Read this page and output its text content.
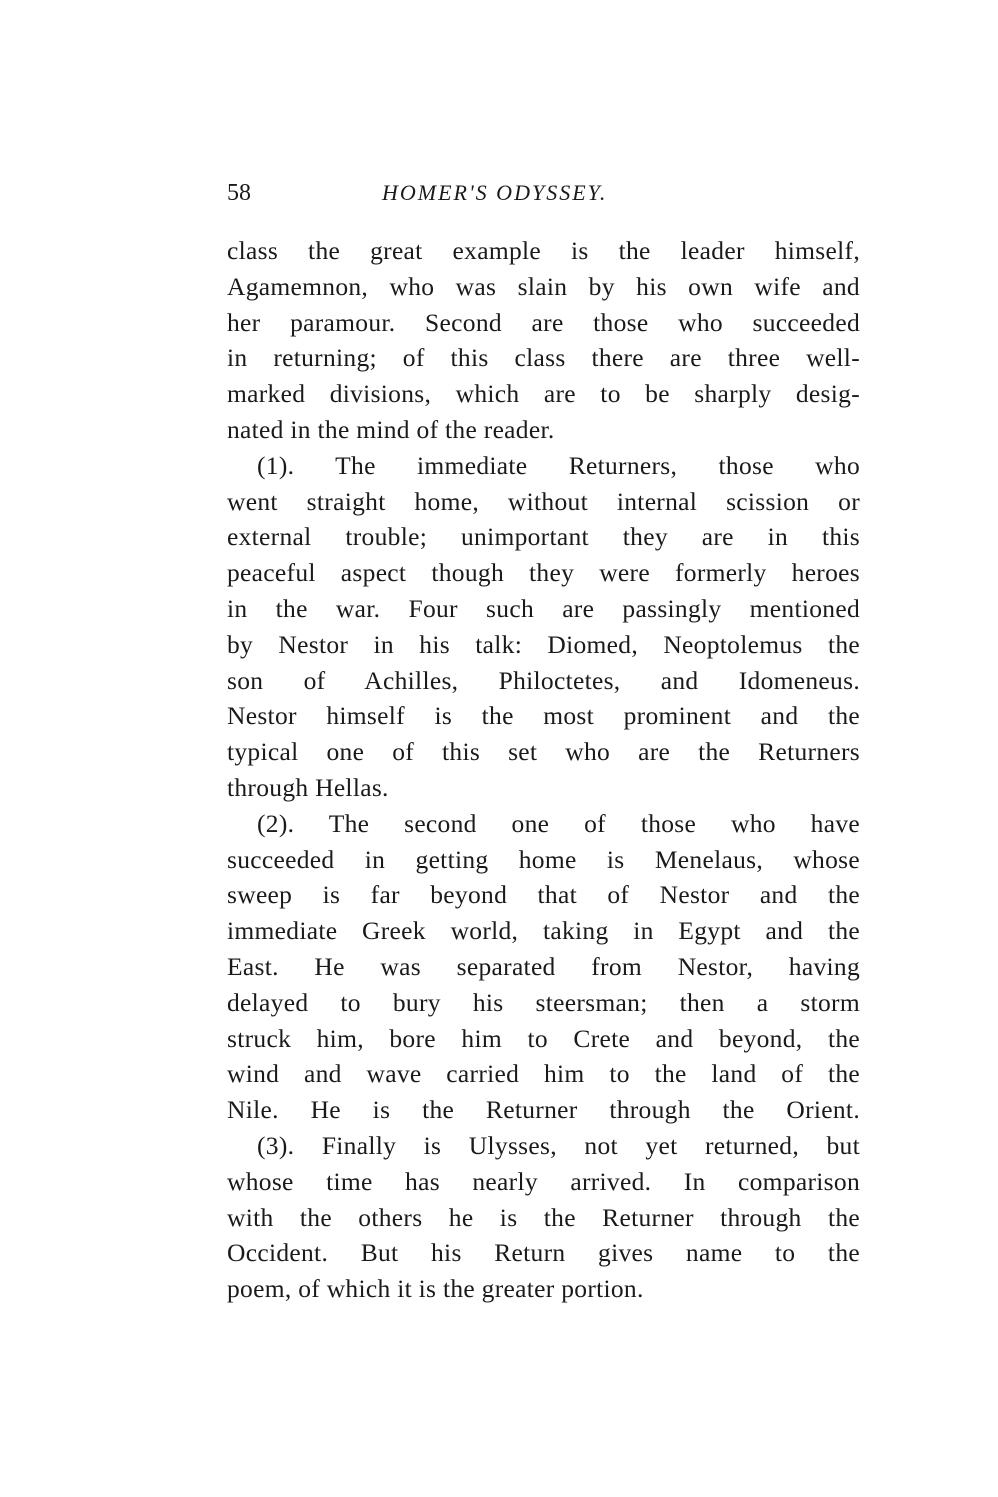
58	HOMER'S ODYSSEY.
class the great example is the leader himself,
Agamemnon, who was slain by his own wife and
her paramour. Second are those who succeeded
in returning; of this class there are three well-
marked divisions, which are to be sharply desig-
nated in the mind of the reader.
(1). The immediate Returners, those who
went straight home, without internal scission or
external trouble; unimportant they are in this
peaceful aspect though they were formerly heroes
in the war. Four such are passingly mentioned
by Nestor in his talk: Diomed, Neoptolemus the
son of Achilles, Philoctetes, and Idomeneus.
Nestor himself is the most prominent and the
typical one of this set who are the Returners
through Hellas.
(2). The second one of those who have
succeeded in getting home is Menelaus, whose
sweep is far beyond that of Nestor and the
immediate Greek world, taking in Egypt and the
East. He was separated from Nestor, having
delayed to bury his steersman; then a storm
struck him, bore him to Crete and beyond, the
wind and wave carried him to the land of the
Nile. He is the Returner through the Orient.
(3). Finally is Ulysses, not yet returned, but
whose time has nearly arrived. In comparison
with the others he is the Returner through the
Occident. But his Return gives name to the
poem, of which it is the greater portion.
